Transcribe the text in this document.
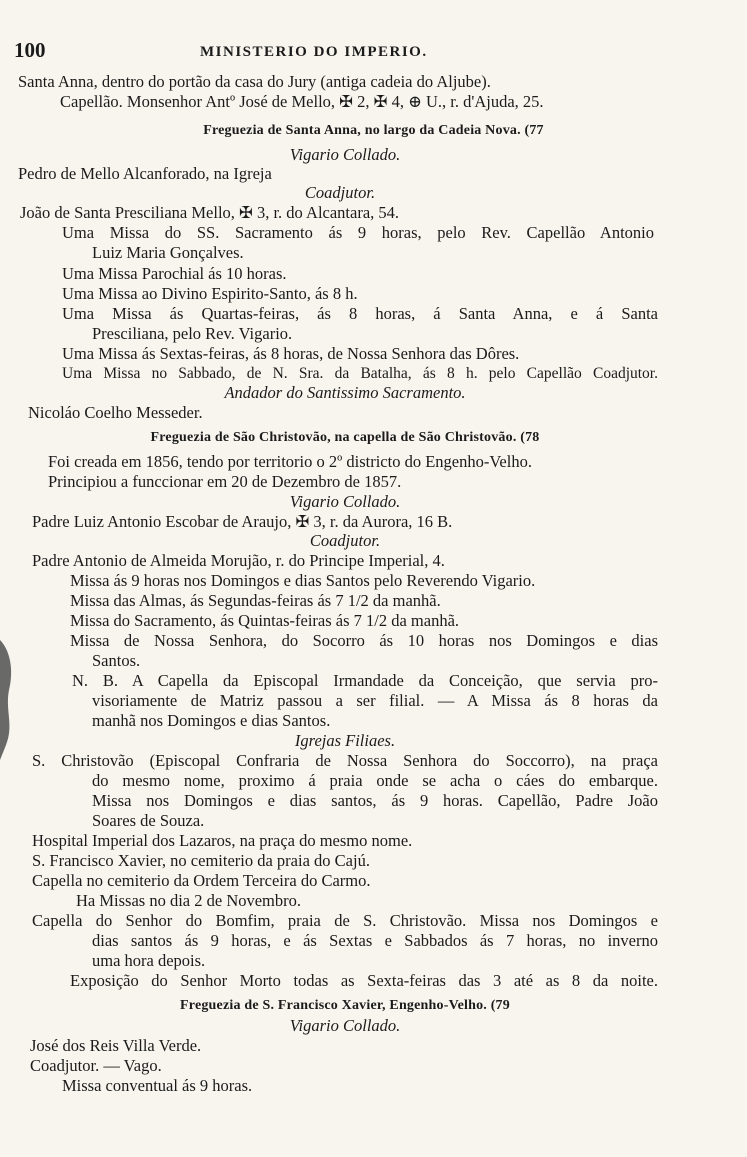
100	MINISTERIO DO IMPERIO.
Santa Anna, dentro do portão da casa do Jury (antiga cadeia do Aljube).
Capellão. Monsenhor Antº José de Mello, ✠ 2, ✠ 4, ⊕ U., r. d'Ajuda, 25.
Freguezia de Santa Anna, no largo da Cadeia Nova. (77
Vigario Collado.
Pedro de Mello Alcanforado, na Igreja
Coadjutor.
João de Santa Presciliana Mello, ✠ 3, r. do Alcantara, 54.
Uma Missa do SS. Sacramento ás 9 horas, pelo Rev. Capellão Antonio
Luiz Maria Gonçalves.
Uma Missa Parochial ás 10 horas.
Uma Missa ao Divino Espirito-Santo, ás 8 h.
Uma Missa ás Quartas-feiras, ás 8 horas, á Santa Anna, e á Santa
Presciliana, pelo Rev. Vigario.
Uma Missa ás Sextas-feiras, ás 8 horas, de Nossa Senhora das Dôres.
Uma Missa no Sabbado, de N. Sra. da Batalha, ás 8 h. pelo Capellão Coadjutor.
Andador do Santissimo Sacramento.
Nicoláo Coelho Messeder.
Freguezia de São Christovão, na capella de São Christovão. (78
Foi creada em 1856, tendo por territorio o 2º districto do Engenho-Velho.
Principiou a funccionar em 20 de Dezembro de 1857.
Vigario Collado.
Padre Luiz Antonio Escobar de Araujo, ✠ 3, r. da Aurora, 16 B.
Coadjutor.
Padre Antonio de Almeida Morujão, r. do Principe Imperial, 4.
Missa ás 9 horas nos Domingos e dias Santos pelo Reverendo Vigario.
Missa das Almas, ás Segundas-feiras ás 7 1/2 da manhã.
Missa do Sacramento, ás Quintas-feiras ás 7 1/2 da manhã.
Missa de Nossa Senhora, do Socorro ás 10 horas nos Domingos e dias
Santos.
N. B. A Capella da Episcopal Irmandade da Conceição, que servia pro-
visoriamente de Matriz passou a ser filial. — A Missa ás 8 horas da
manhã nos Domingos e dias Santos.
Igrejas Filiaes.
S. Christovão (Episcopal Confraria de Nossa Senhora do Soccorro), na praça
do mesmo nome, proximo á praia onde se acha o cáes do embarque.
Missa nos Domingos e dias santos, ás 9 horas. Capellão, Padre João
Soares de Souza.
Hospital Imperial dos Lazaros, na praça do mesmo nome.
S. Francisco Xavier, no cemiterio da praia do Cajú.
Capella no cemiterio da Ordem Terceira do Carmo.
Ha Missas no dia 2 de Novembro.
Capella do Senhor do Bomfim, praia de S. Christovão. Missa nos Domingos e
dias santos ás 9 horas, e ás Sextas e Sabbados ás 7 horas, no inverno
uma hora depois.
Exposição do Senhor Morto todas as Sexta-feiras das 3 até as 8 da noite.
Freguezia de S. Francisco Xavier, Engenho-Velho. (79
Vigario Collado.
José dos Reis Villa Verde.
Coadjutor. — Vago.
Missa conventual ás 9 horas.
